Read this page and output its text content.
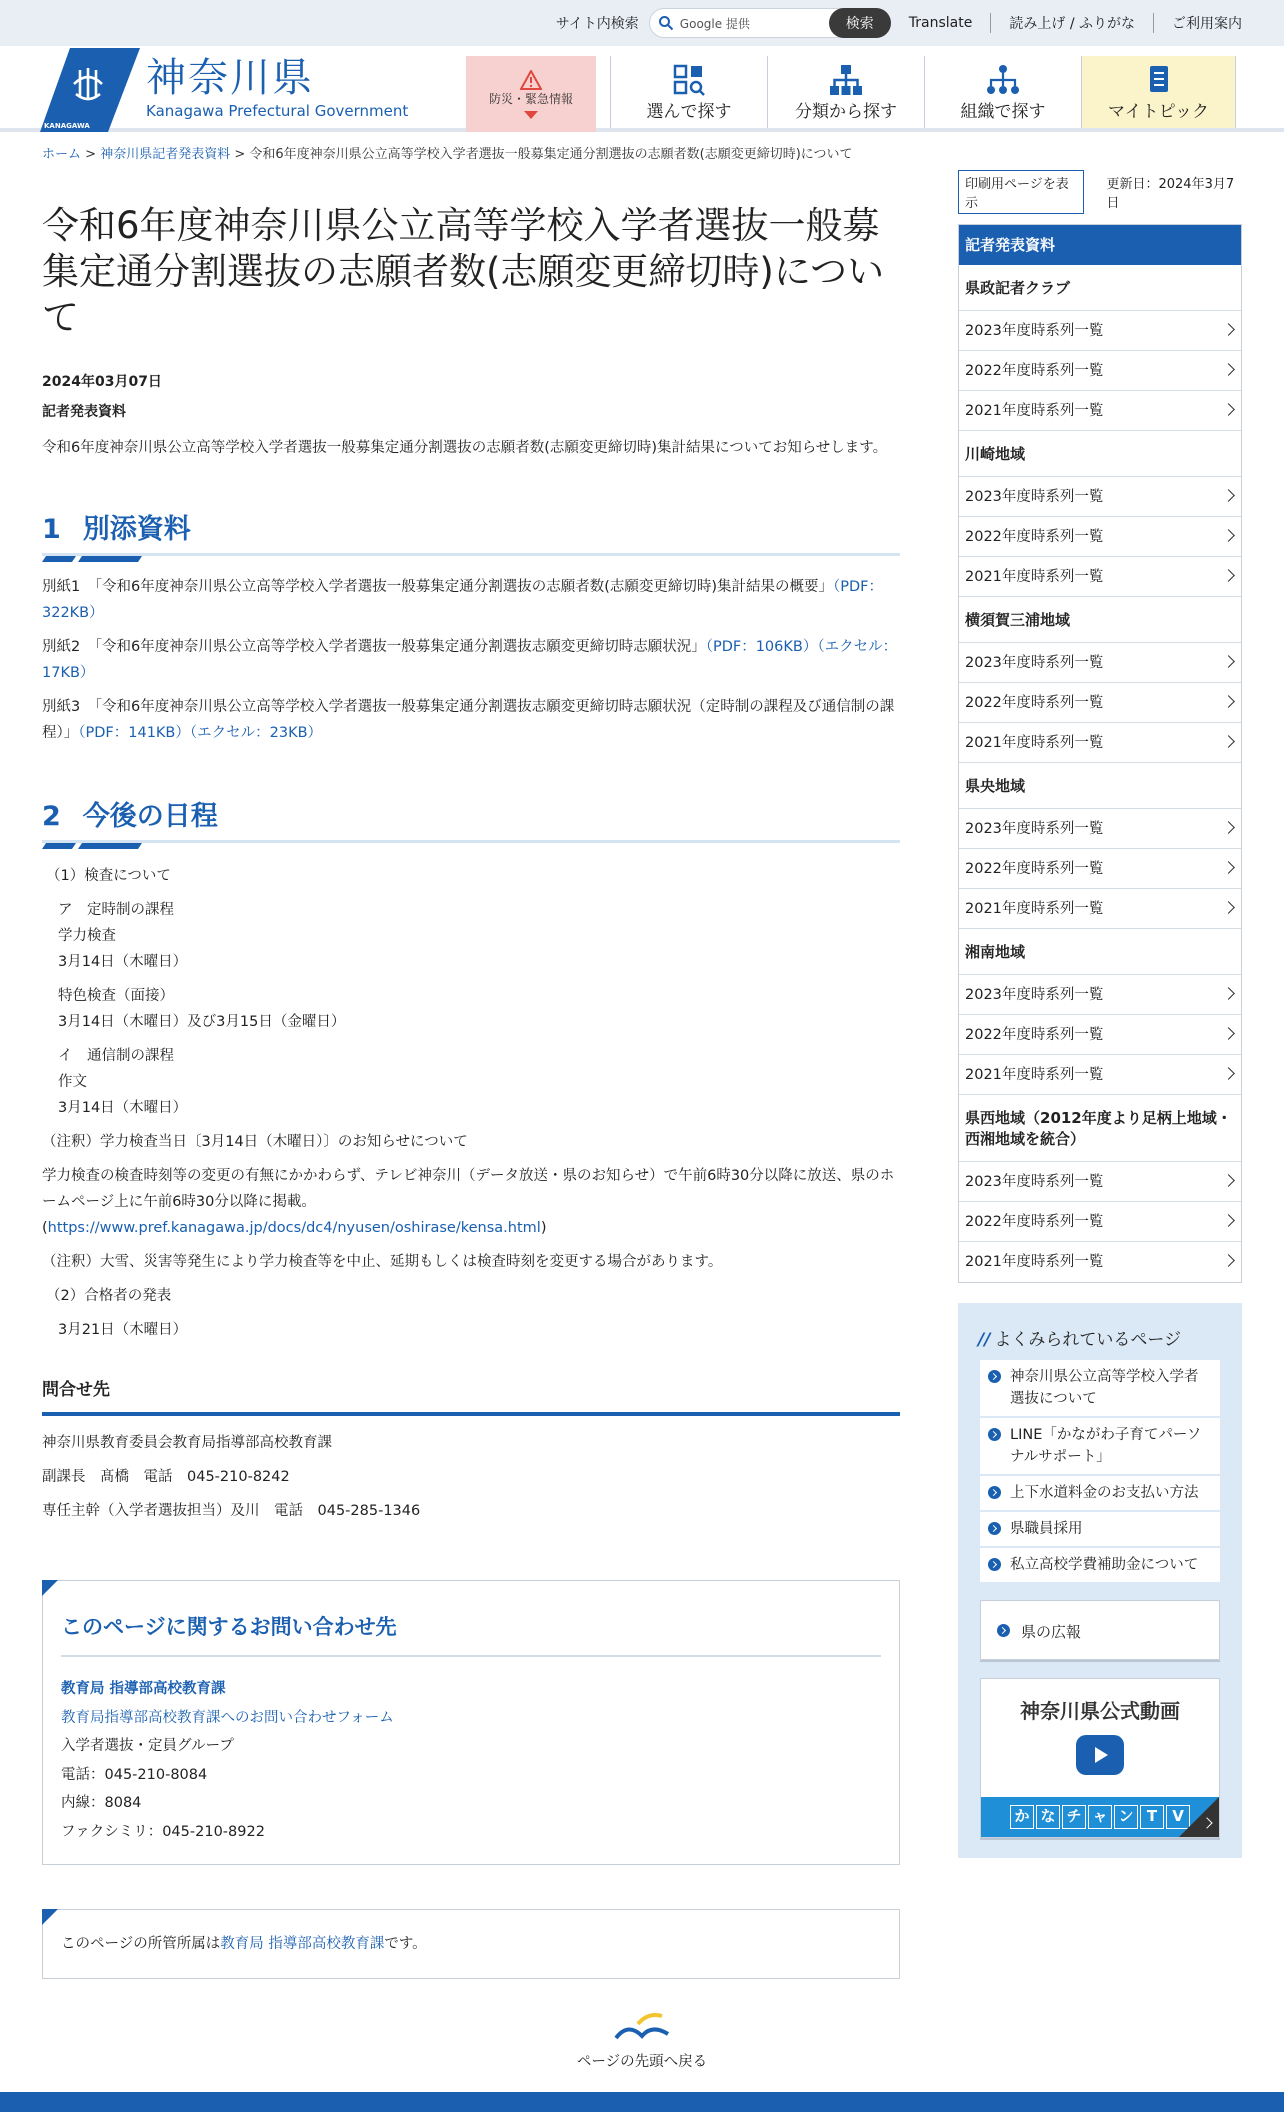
サイト内検索	Google 提供	検索	Translate	読み上げ / ふりがな	ご利用案内
KANAGAWA
神奈川県
Kanagawa Prefectural Government
防災・緊急情報
選んで探す	分類から探す	組織で探す	マイトピック
ホーム > 神奈川県記者発表資料 > 令和6年度神奈川県公立高等学校入学者選抜一般募集定通分割選抜の志願者数(志願変更締切時)について
令和6年度神奈川県公立高等学校入学者選抜一般募集定通分割選抜の志願者数(志願変更締切時)について
2024年03月07日
記者発表資料

令和6年度神奈川県公立高等学校入学者選抜一般募集定通分割選抜の志願者数(志願変更締切時)集計結果についてお知らせします。

1 別添資料

別紙1　「令和6年度神奈川県公立高等学校入学者選抜一般募集定通分割選抜の志願者数(志願変更締切時)集計結果の概要」（PDF：322KB）

別紙2　「令和6年度神奈川県公立高等学校入学者選抜一般募集定通分割選抜志願変更締切時志願状況」（PDF：106KB）（エクセル：17KB）

別紙3　「令和6年度神奈川県公立高等学校入学者選抜一般募集定通分割選抜志願変更締切時志願状況（定時制の課程及び通信制の課程）」（PDF：141KB）（エクセル：23KB）

2 今後の日程

（1）検査について

ア　定時制の課程

学力検査

3月14日（木曜日）

特色検査（面接）

3月14日（木曜日）及び3月15日（金曜日）

イ　通信制の課程

作文

3月14日（木曜日）

（注釈）学力検査当日〔3月14日（木曜日）〕のお知らせについて

学力検査の検査時刻等の変更の有無にかかわらず、テレビ神奈川（データ放送・県のお知らせ）で午前6時30分以降に放送、県のホームページ上に午前6時30分以降に掲載。
(https://www.pref.kanagawa.jp/docs/dc4/nyusen/oshirase/kensa.html)

（注釈）大雪、災害等発生により学力検査等を中止、延期もしくは検査時刻を変更する場合があります。

（2）合格者の発表

3月21日（木曜日）

問合せ先

神奈川県教育委員会教育局指導部高校教育課

副課長　髙橋　電話　045-210-8242

専任主幹（入学者選抜担当）及川　電話　045-285-1346

このページに関するお問い合わせ先

教育局 指導部高校教育課

教育局指導部高校教育課へのお問い合わせフォーム

入学者選抜・定員グループ

電話：045-210-8084

内線：8084

ファクシミリ：045-210-8922

このページの所管所属は教育局 指導部高校教育課です。
印刷用ページを表示
更新日：2024年3月7日
記者発表資料
県政記者クラブ
2023年度時系列一覧
2022年度時系列一覧
2021年度時系列一覧
川崎地域
2023年度時系列一覧
2022年度時系列一覧
2021年度時系列一覧
横須賀三浦地域
2023年度時系列一覧
2022年度時系列一覧
2021年度時系列一覧
県央地域
2023年度時系列一覧
2022年度時系列一覧
2021年度時系列一覧
湘南地域
2023年度時系列一覧
2022年度時系列一覧
2021年度時系列一覧
県西地域（2012年度より足柄上地域・西湘地域を統合）
2023年度時系列一覧
2022年度時系列一覧
2021年度時系列一覧
// よくみられているページ
神奈川県公立高等学校入学者選抜について
LINE「かながわ子育てパーソナルサポート」
上下水道料金のお支払い方法
県職員採用
私立高校学費補助金について
県の広報
神奈川県公式動画
か な チ ャ ン T	V
ページの先頭へ戻る
